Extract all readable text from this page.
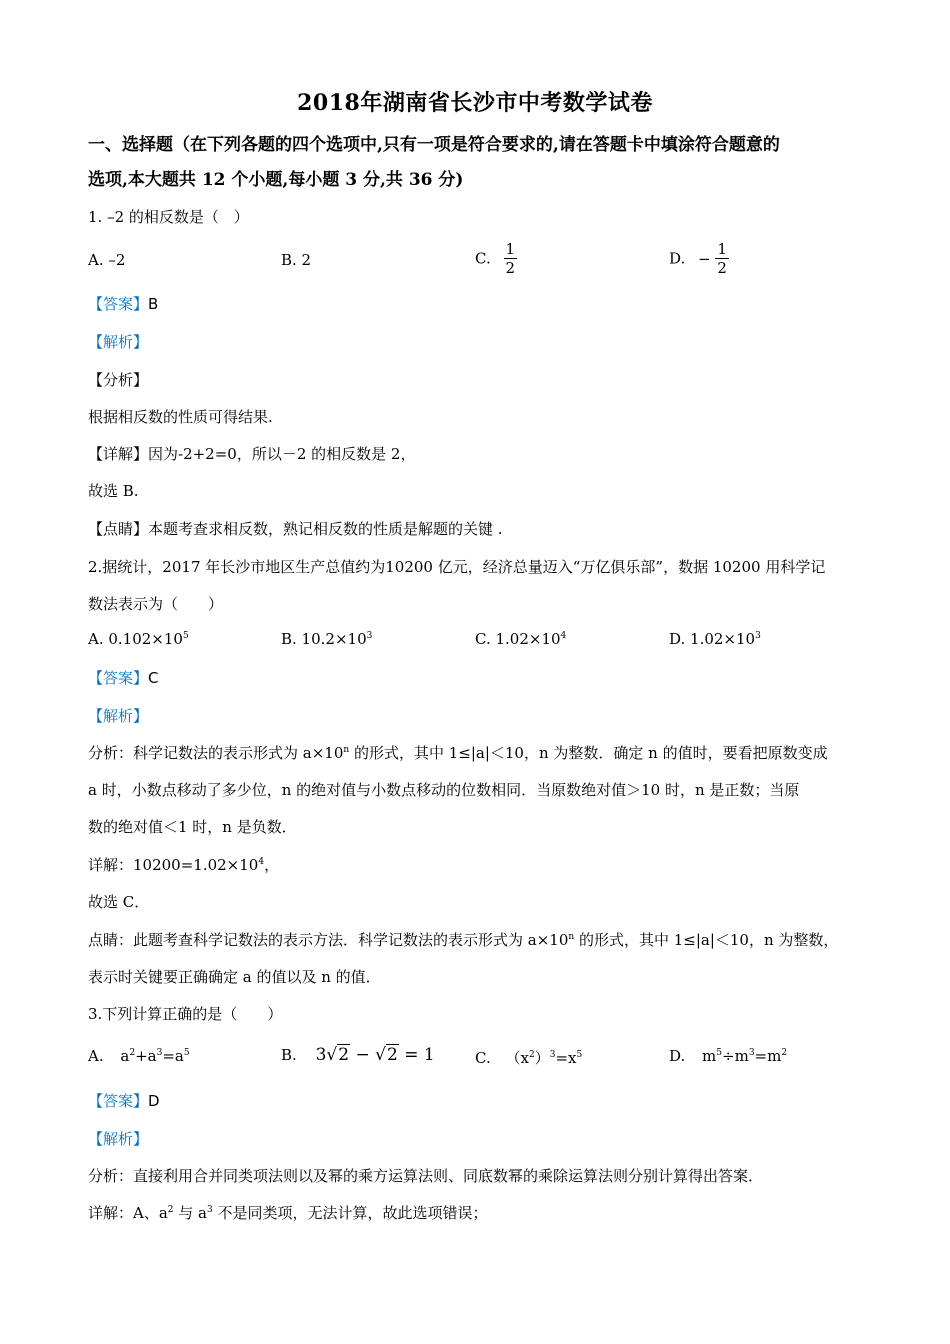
2018年湖南省长沙市中考数学试卷
一、选择题（在下列各题的四个选项中,只有一项是符合要求的,请在答题卡中填涂符合题意的
选项,本大题共 12 个小题,每小题 3 分,共 36 分)
1. –2 的相反数是（　）
A. –2	B. 2	C. $\frac{1}{2}$	D. − $\frac{1}{2}$
【答案】B
【解析】
【分析】
根据相反数的性质可得结果.
【详解】因为-2+2=0，所以－2 的相反数是 2，
故选 B.
【点睛】本题考查求相反数，熟记相反数的性质是解题的关键 .
2.据统计，2017 年长沙市地区生产总值约为10200 亿元，经济总量迈入“万亿俱乐部”，数据 10200 用科学记
数法表示为（　　）
A. $0.102\times 10^5$	B. $10.2\times 10^3$	C. $1.02\times 10^4$	D. $1.02\times 10^3$
【答案】C
【解析】
分析：科学记数法的表示形式为 $a\times 10^n$ 的形式，其中 1≤|a|＜10，n 为整数．确定 n 的值时，要看把原数变成
a 时，小数点移动了多少位，n 的绝对值与小数点移动的位数相同．当原数绝对值＞10 时，n 是正数；当原
数的绝对值＜1 时，n 是负数．
详解：$10200=1.02\times 10^4$，
故选 C．
点睛：此题考查科学记数法的表示方法．科学记数法的表示形式为 $a\times 10^n$ 的形式，其中 1≤|a|＜10，n 为整数，
表示时关键要正确确定 a 的值以及 n 的值．
3.下列计算正确的是（　　）
A. $a^2+a^3=a^5$	B. 3√2 − √2 = 1	C. $(x^2)^3=x^5$	D. $m^5\div m^3=m^2$
【答案】D
【解析】
分析：直接利用合并同类项法则以及幂的乘方运算法则、同底数幂的乘除运算法则分别计算得出答案．
详解：A、$a^2$ 与 $a^3$ 不是同类项，无法计算，故此选项错误；
